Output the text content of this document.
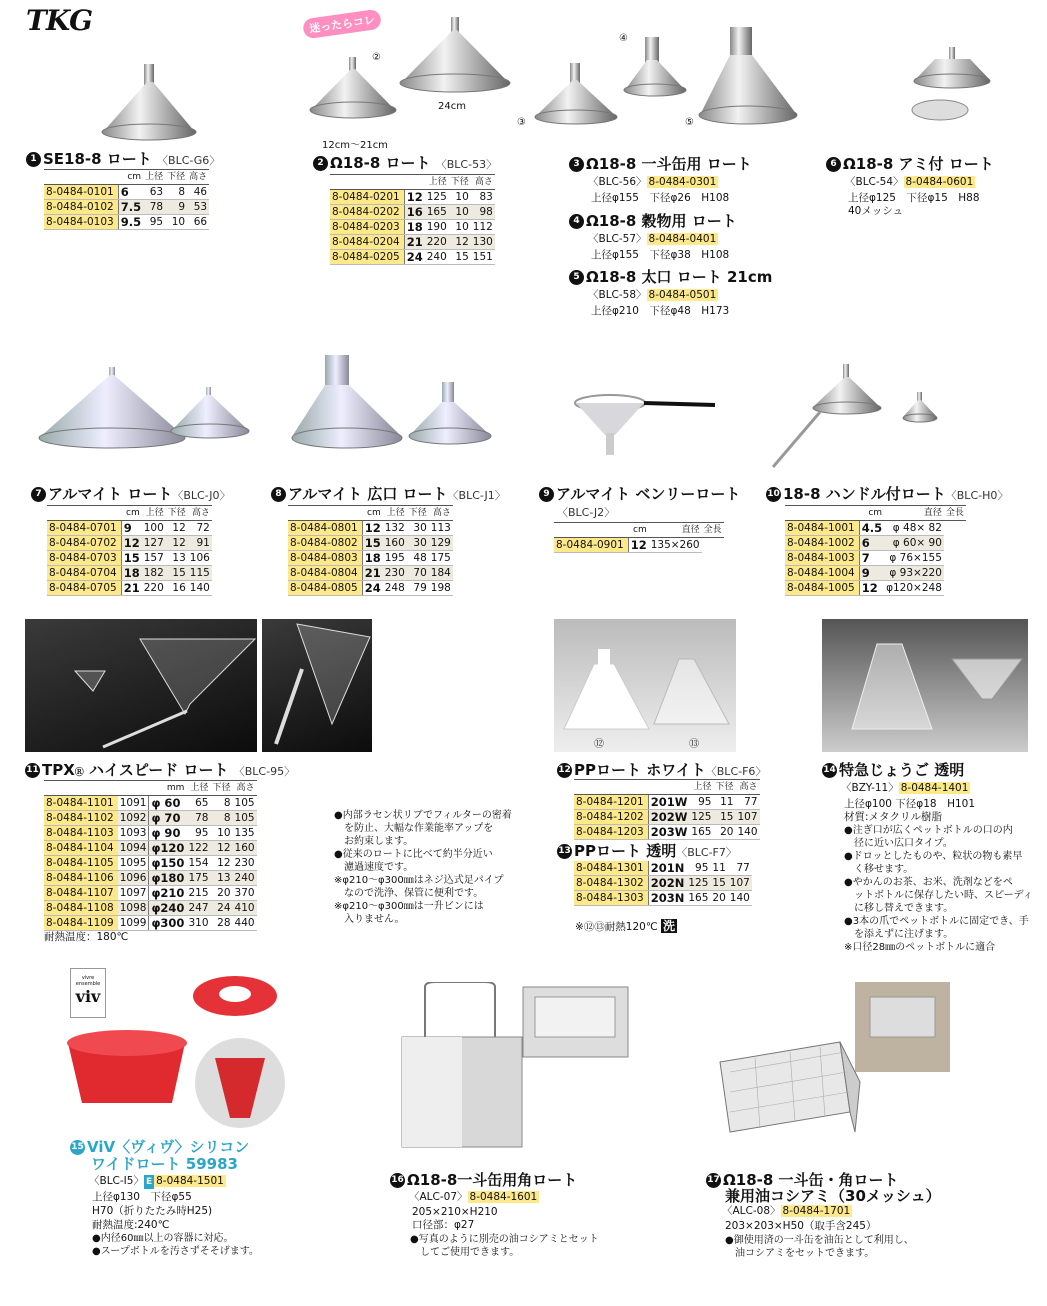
TKG	迷ったらコレ
②
12cm～21cm
24cm
③
④
⑤
1 SE18-8 ロート 〈BLC-G6〉
	cm	上径	下径	高さ
8-0484-0101	6	63	8	46
8-0484-0102	7.5	78	9	53
8-0484-0103	9.5	95	10	66
2 Ω18-8 ロート 〈BLC-53〉
		上径	下径	高さ
8-0484-0201	12	125	10	83
8-0484-0202	16	165	10	98
8-0484-0203	18	190	10	112
8-0484-0204	21	220	12	130
8-0484-0205	24	240	15	151
3 Ω18-8 一斗缶用 ロート
〈BLC-56〉 8-0484-0301
上径φ155　下径φ26　H108
4 Ω18-8 穀物用 ロート
〈BLC-57〉 8-0484-0401
上径φ155　下径φ38　H108
5 Ω18-8 太口 ロート 21cm
〈BLC-58〉 8-0484-0501
上径φ210　下径φ48　H173
6 Ω18-8 アミ付 ロート
〈BLC-54〉 8-0484-0601
上径φ125　下径φ15　H88
40メッシュ
7 アルマイト ロート〈BLC-J0〉
	cm	上径	下径	高さ
8-0484-0701	9	100	12	72
8-0484-0702	12	127	12	91
8-0484-0703	15	157	13	106
8-0484-0704	18	182	15	115
8-0484-0705	21	220	16	140
8 アルマイト 広口 ロート〈BLC-J1〉
	cm	上径	下径	高さ
8-0484-0801	12	132	30	113
8-0484-0802	15	160	30	129
8-0484-0803	18	195	48	175
8-0484-0804	21	230	70	184
8-0484-0805	24	248	79	198
9 アルマイト ベンリーロート
〈BLC-J2〉
	cm	直径	全長
8-0484-0901	12	135×260	
10 18-8 ハンドル付ロート〈BLC-H0〉
	cm	直径	全長
8-0484-1001	4.5	φ 48× 82	
8-0484-1002	6	φ 60× 90	
8-0484-1003	7	φ 76×155	
8-0484-1004	9	φ 93×220	
8-0484-1005	12	φ120×248	
⑫	⑬
11 TPXⓇ ハイスピード ロート 〈BLC-95〉
		mm	上径	下径	高さ
8-0484-1101	1091	φ 60	65	8	105
8-0484-1102	1092	φ 70	78	8	105
8-0484-1103	1093	φ 90	95	10	135
8-0484-1104	1094	φ120	122	12	160
8-0484-1105	1095	φ150	154	12	230
8-0484-1106	1096	φ180	175	13	240
8-0484-1107	1097	φ210	215	20	370
8-0484-1108	1098	φ240	247	24	410
8-0484-1109	1099	φ300	310	28	440
耐熱温度：180℃
●内部ラセン状リブでフィルターの密着
　を防止、大幅な作業能率アップを
　お約束します。
●従来のロートに比べて約半分近い
　濾過速度です。
※φ210～φ300㎜はネジ込式足パイプ
　なので洗浄、保管に便利です。
※φ210～φ300㎜は一升ビンには
　入りません。
12 PPロート ホワイト〈BLC-F6〉
		上径	下径	高さ
8-0484-1201	201W	95	11	77
8-0484-1202	202W	125	15	107
8-0484-1203	203W	165	20	140
13 PPロート 透明〈BLC-F7〉
8-0484-1301	201N	95	11	77
8-0484-1302	202N	125	15	107
8-0484-1303	203N	165	20	140
※⑫⑬耐熱120℃ 洗
14 特急じょうご 透明
〈BZY-11〉 8-0484-1401
上径φ100 下径φ18　H101
材質:メタクリル樹脂
●注ぎ口が広くペットボトルの口の内
　径に近い広口タイプ。
●ドロッとしたものや、粒状の物も素早
　く移せます。
●やかんのお茶、お米、洗剤などをペ
　ットボトルに保存したい時、スピーディ
　に移し替えできます。
●3本の爪でペットボトルに固定でき、手
　を添えずに注げます。
※口径28㎜のペットボトルに適合
vivre ensemble
viv
15 ViV〈ヴィヴ〉シリコン
ワイドロート 59983
〈BLC-I5〉 E 8-0484-1501
上径φ130　下径φ55
H70（折りたたみ時H25)
耐熱温度:240℃
●内径60㎜以上の容器に対応。
●スープボトルを汚さずそそげます。
16 Ω18-8一斗缶用角ロート
〈ALC-07〉 8-0484-1601
205×210×H210
口径部：φ27
●写真のように別売の油コシアミとセット
　してご使用できます。
17 Ω18-8 一斗缶・角ロート
兼用油コシアミ（30メッシュ）
〈ALC-08〉 8-0484-1701
203×203×H50（取手含245）
●御使用済の一斗缶を油缶として利用し、
　油コシアミをセットできます。
